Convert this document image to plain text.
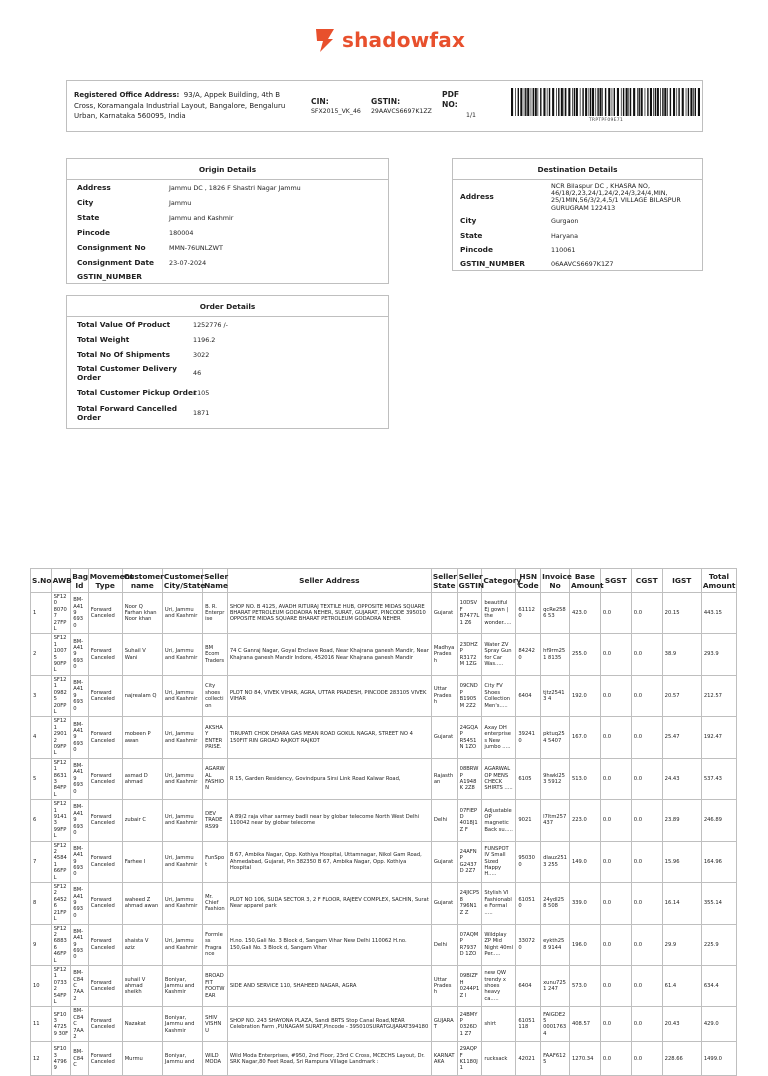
shadowfax
Registered Office Address: 93/A, Appek Building, 4th B Cross, Koramangala Industrial Layout, Bangalore, Bengaluru Urban, Karnataka 560095, India
CIN:
SFX2015_VK_46
GSTIN:
29AAVCS6697K1ZZ
PDF NO:
1/1
TRPTPF09E71
Origin Details
Address	Jammu DC , 1826 F Shastri Nagar Jammu
City	Jammu
State	Jammu and Kashmir
Pincode	180004
Consignment No	MMN-76UNLZWT
Consignment Date 23-07-2024
GSTIN_NUMBER
Destination Details
Address
NCR Bilaspur DC , KHASRA NO, 46/18/2,23,24/1,24/2,24/3,24/4,MIN, 25/1MIN,56/3/2,4,5/1 VILLAGE BILASPUR GURUGRAM 122413
City	Gurgaon
State	Haryana
Pincode	110061
GSTIN_NUMBER	06AAVCS6697K1Z7
Order Details
Total Value Of Product	1252776 /-
Total Weight	1196.2
Total No Of Shipments	3022
Total Customer Delivery Order	46
Total Customer Pickup Order
1105
Total Forward Cancelled Order	1871
S.No	AWB	Bag Id	Movement Type	Customer name	Customer City/State	Seller Name	Seller Address	Seller State	Seller GSTIN	Category	HSN Code	Invoice No	Base Amount	SGST	CGST	IGST	Total Amount
1	SF120 80707 27FPL	BM-A419 6930	Forward Canceled	Noor Q Farhan khan Noor khan	Uri, Jammu and Kashmir	B. R. Enterprise	SHOP NO. B 4125, AVADH RITURAJ TEXTILE HUB, OPPOSITE MIDAS SQUARE BHARAT PETROLEUM GODADRA NEHER, SURAT, GUJARAT, PINCODE 395010 OPPOSITE MIDAS SQUARE BHARAT PETROLEUM GODADRA NEHER	Gujarat	10DSVF B7477L1 Z6	beautiful Ej gown | the wonder.....	61112 0	qcRe2586 53	423.0	0.0	0.0	20.15	443.15
2	SF121 10075 90FPL	BM-A419 6930	Forward Canceled	Suhail V Wani	Uri, Jammu and Kashmir	BM Ecom Traders	74 C Ganraj Nagar, Goyal Enclave Road, Near Khajrana ganesh Mandir, Near Khajrana ganesh Mandir Indore, 452016 Near Khajrana ganesh Mandir	Madhya Pradesh	23DHZP R3172M 1ZG	Water ZV Spray Gun for Car Was.....	84242 0	hf9rm251 8135	255.0	0.0	0.0	38.9	293.9
3	SF121 09825 20FPL	BM-A419 6930	Forward Canceled	najrealam Q	Uri, Jammu and Kashmir	City shoes collection	PLOT NO 84, VIVEK VIHAR, AGRA, UTTAR PRADESH, PINCODE 283105 VIVEK VIHAR	Uttar Pradesh	09CNDP B1905M 2Z2	City FV Shoes Collection Men's.....	6404	tjtz25413 4	192.0	0.0	0.0	20.57	212.57
4	SF121 29012 09FPL	BM-A419 6930	Forward Canceled	mobeen P awan	Uri, Jammu and Kashmir	AKSHAY ENTERPRISE.	TIRUPATI CHOK DHARA GAS MEAN ROAD GOKUL NAGAR, STREET NO 4 150FIT RIN GROAD RAJKOT RAJKOT	Gujarat	24GQAP R5451N 1ZO	Axay DH enterprises New jumbo .....	39241 0	pktuq254 5407	167.0	0.0	0.0	25.47	192.47
5	SF121 86313 84FPL	BM-A419 6930	Forward Canceled	asmad D ahmad	Uri, Jammu and Kashmir	AGARWAL FASHION	R 15, Garden Residency, Govindpura Sirsi Link Road Kalwar Road,	Rajasthan	08BRWP A1948K 2Z8	AGARWAL OP MENS CHECK SHIRTS .....	6105	9hwkl253 5912	513.0	0.0	0.0	24.43	537.43
6	SF121 91413 99FPL	BM-A419 6930	Forward Canceled	zubair C	Uri, Jammu and Kashmir	DEV TRADERS99	A 89/2 raja vihar sarmey badli near by globar telecome North West Delhi 110042 near by globar telecome	Delhi	07FIEPD 4018J1Z F	Adjustable OP magnetic Back su.....	9021	l7ltm257 437	223.0	0.0	0.0	23.89	246.89
7	SF122 45841 66FPL	BM-A419 6930	Forward Canceled	Farhee I	Uri, Jammu and Kashmir	FunSpot	B 67, Ambika Nagar, Opp. Kothiya Hospital, Uttamnagar, Nikol Gam Road, Ahmedabad, Gujarat, Pin 382350 B 67, Ambika Nagar, Opp. Kothiya Hospital	Gujarat	24AFNP G2437D 2Z7	FUNSPOT IV Small Sized Happy H.....	95030 0	dlauz2513 255	149.0	0.0	0.0	15.96	164.96
8	SF122 64526 21FPL	BM-A419 6930	Forward Canceled	waheed Z ahmad awan	Uri, Jammu and Kashmir	Mr. Chief Fashion	PLOT NO 106, SUDA SECTOR 3, 2 F FLOOR, RAJEEV COMPLEX, SACHIN, Surat Near apparel park	Gujarat	24JICP58 796N1Z Z	Stylish VI Fashionable Formal .....	61051 0	24ydl258 508	339.0	0.0	0.0	16.14	355.14
9	SF122 68836 46FPL	BM-A419 6930	Forward Canceled	shaista V aziz	Uri, Jammu and Kashmir	Formless Fragrance	H.no. 150,Gali No. 3 Block d, Sangam Vihar New Delhi 110062 H.no. 150,Gali No. 3 Block d, Sangam Vihar	Delhi	07AQMP R7937D 1ZO	Wildplay ZP Mid Night 40ml Per.....	33072 0	eykth258 9144	196.0	0.0	0.0	29.9	225.9
10	SF121 07332 54FPL	BM-C84C 7AA2	Forward Canceled	suhail V ahmad sheikh	Boniyar, Jammu and Kashmir	BROAD FIT FOOTWEAR	SIDE AND SERVICE 110, SHAHEED NAGAR, AGRA	Uttar Pradesh	09BIZFH 0244P1Z I	new QW trendy x shoes heavy ca.....	6404	xunu7251 247	573.0	0.0	0.0	61.4	634.4
11	SF103 47259 30F	BM-C84C 7AA2	Forward Canceled	Nazakat	Boniyar, Jammu and Kashmir	SHIV VISHNU	SHOP NO. 243 SHAYONA PLAZA, Sandi BRTS Stop Canal Road,NEAR Celebration Farm ,PUNAGAM SURAT,Pincode - 395010SURATGUJARAT394180	GUJARAT	24BMYP 0326D1 Z7	shirt	61051 118	FAIGDE25 00017634	408.57	0.0	0.0	20.43	429.0
12	SF103 47969	BM-C84C	Forward Canceled	Murmu	Boniyar, Jammu and	WILD MODA	Wild Moda Enterprises, #950, 2nd Floor, 23rd C Cross, MCECHS Layout, Dr. SRK Nagar,80 Feet Road, Sri Rampura Village Landmark :	KARNATAKA	29AQPF K1180J1	rucksack	42021	FAAF6125	1270.34	0.0	0.0	228.66	1499.0
